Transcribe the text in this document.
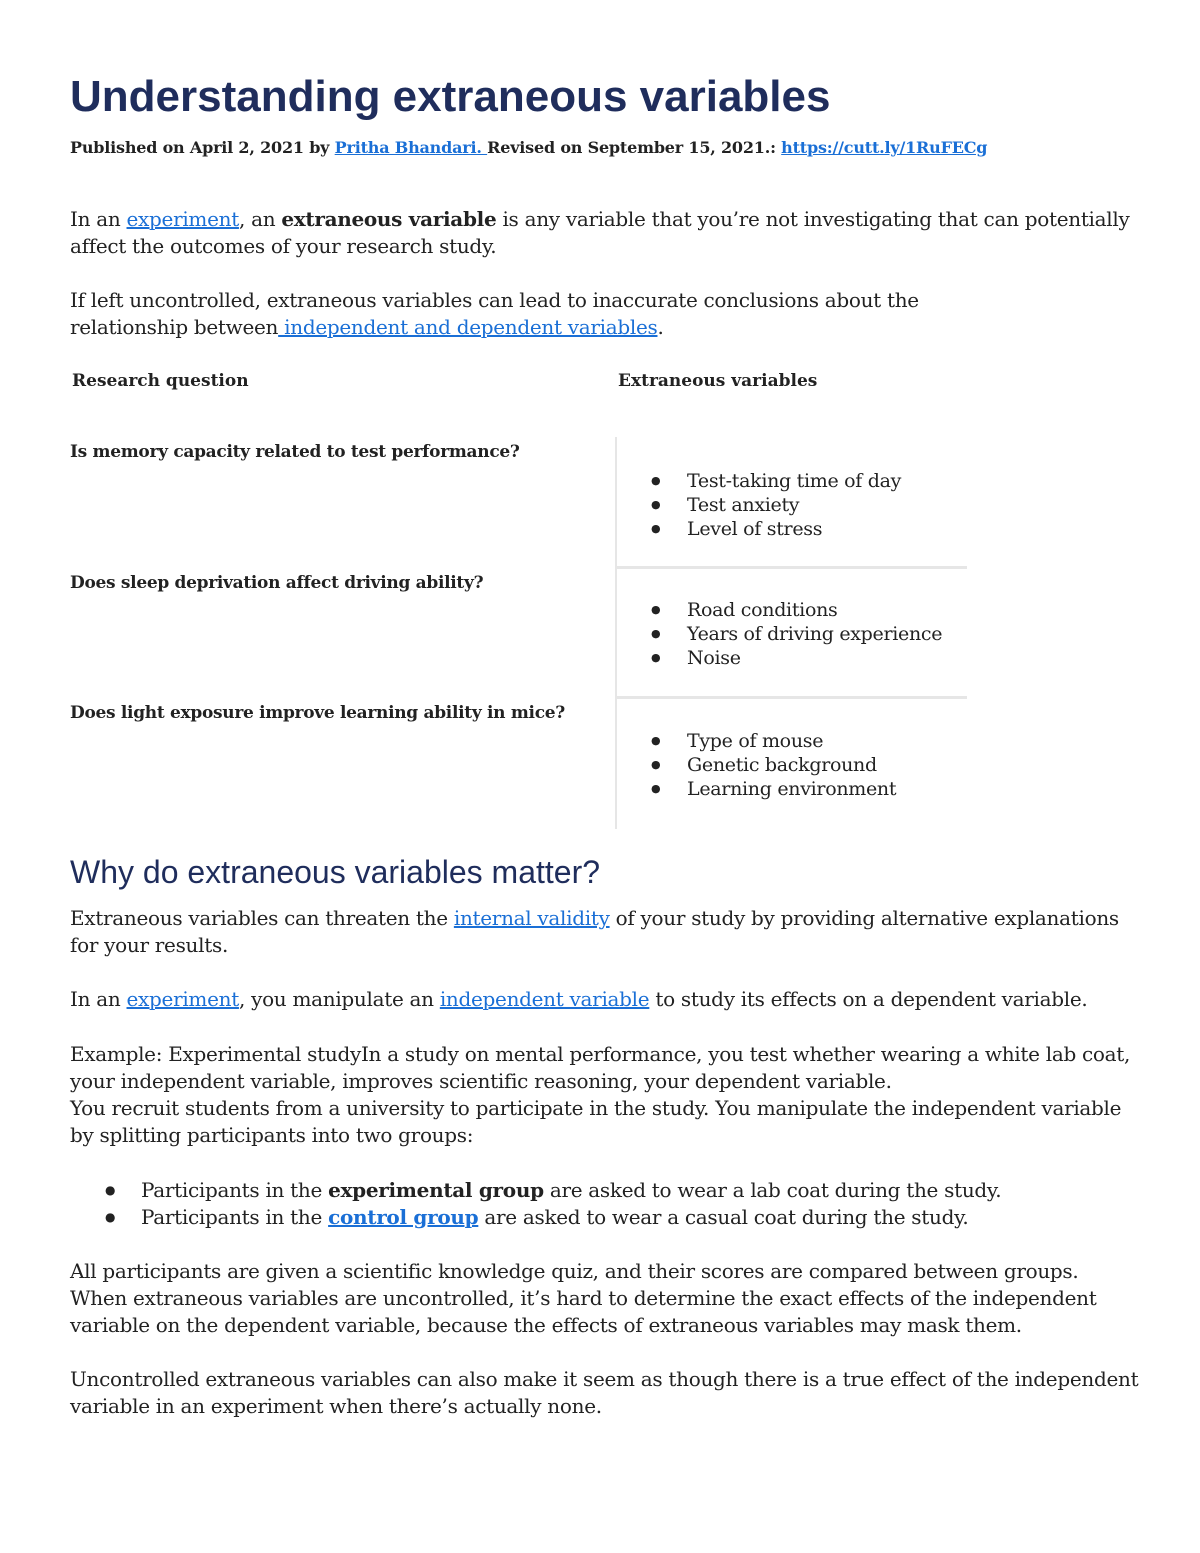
Understanding extraneous variables
Published on April 2, 2021 by Pritha Bhandari. Revised on September 15, 2021.: https://cutt.ly/1RuFECg
In an experiment, an extraneous variable is any variable that you’re not investigating that can potentially affect the outcomes of your research study.
If left uncontrolled, extraneous variables can lead to inaccurate conclusions about the relationship between independent and dependent variables.
Research question	Extraneous variables
Is memory capacity related to test performance?
● Test-taking time of day
● Test anxiety
● Level of stress
Does sleep deprivation affect driving ability?
● Road conditions
● Years of driving experience
● Noise
Does light exposure improve learning ability in mice?
● Type of mouse
● Genetic background
● Learning environment
Why do extraneous variables matter?
Extraneous variables can threaten the internal validity of your study by providing alternative explanations for your results.
In an experiment, you manipulate an independent variable to study its effects on a dependent variable.
Example: Experimental studyIn a study on mental performance, you test whether wearing a white lab coat, your independent variable, improves scientific reasoning, your dependent variable.
You recruit students from a university to participate in the study. You manipulate the independent variable by splitting participants into two groups:
● Participants in the experimental group are asked to wear a lab coat during the study.
● Participants in the control group are asked to wear a casual coat during the study.
All participants are given a scientific knowledge quiz, and their scores are compared between groups.
When extraneous variables are uncontrolled, it’s hard to determine the exact effects of the independent variable on the dependent variable, because the effects of extraneous variables may mask them.
Uncontrolled extraneous variables can also make it seem as though there is a true effect of the independent variable in an experiment when there’s actually none.
